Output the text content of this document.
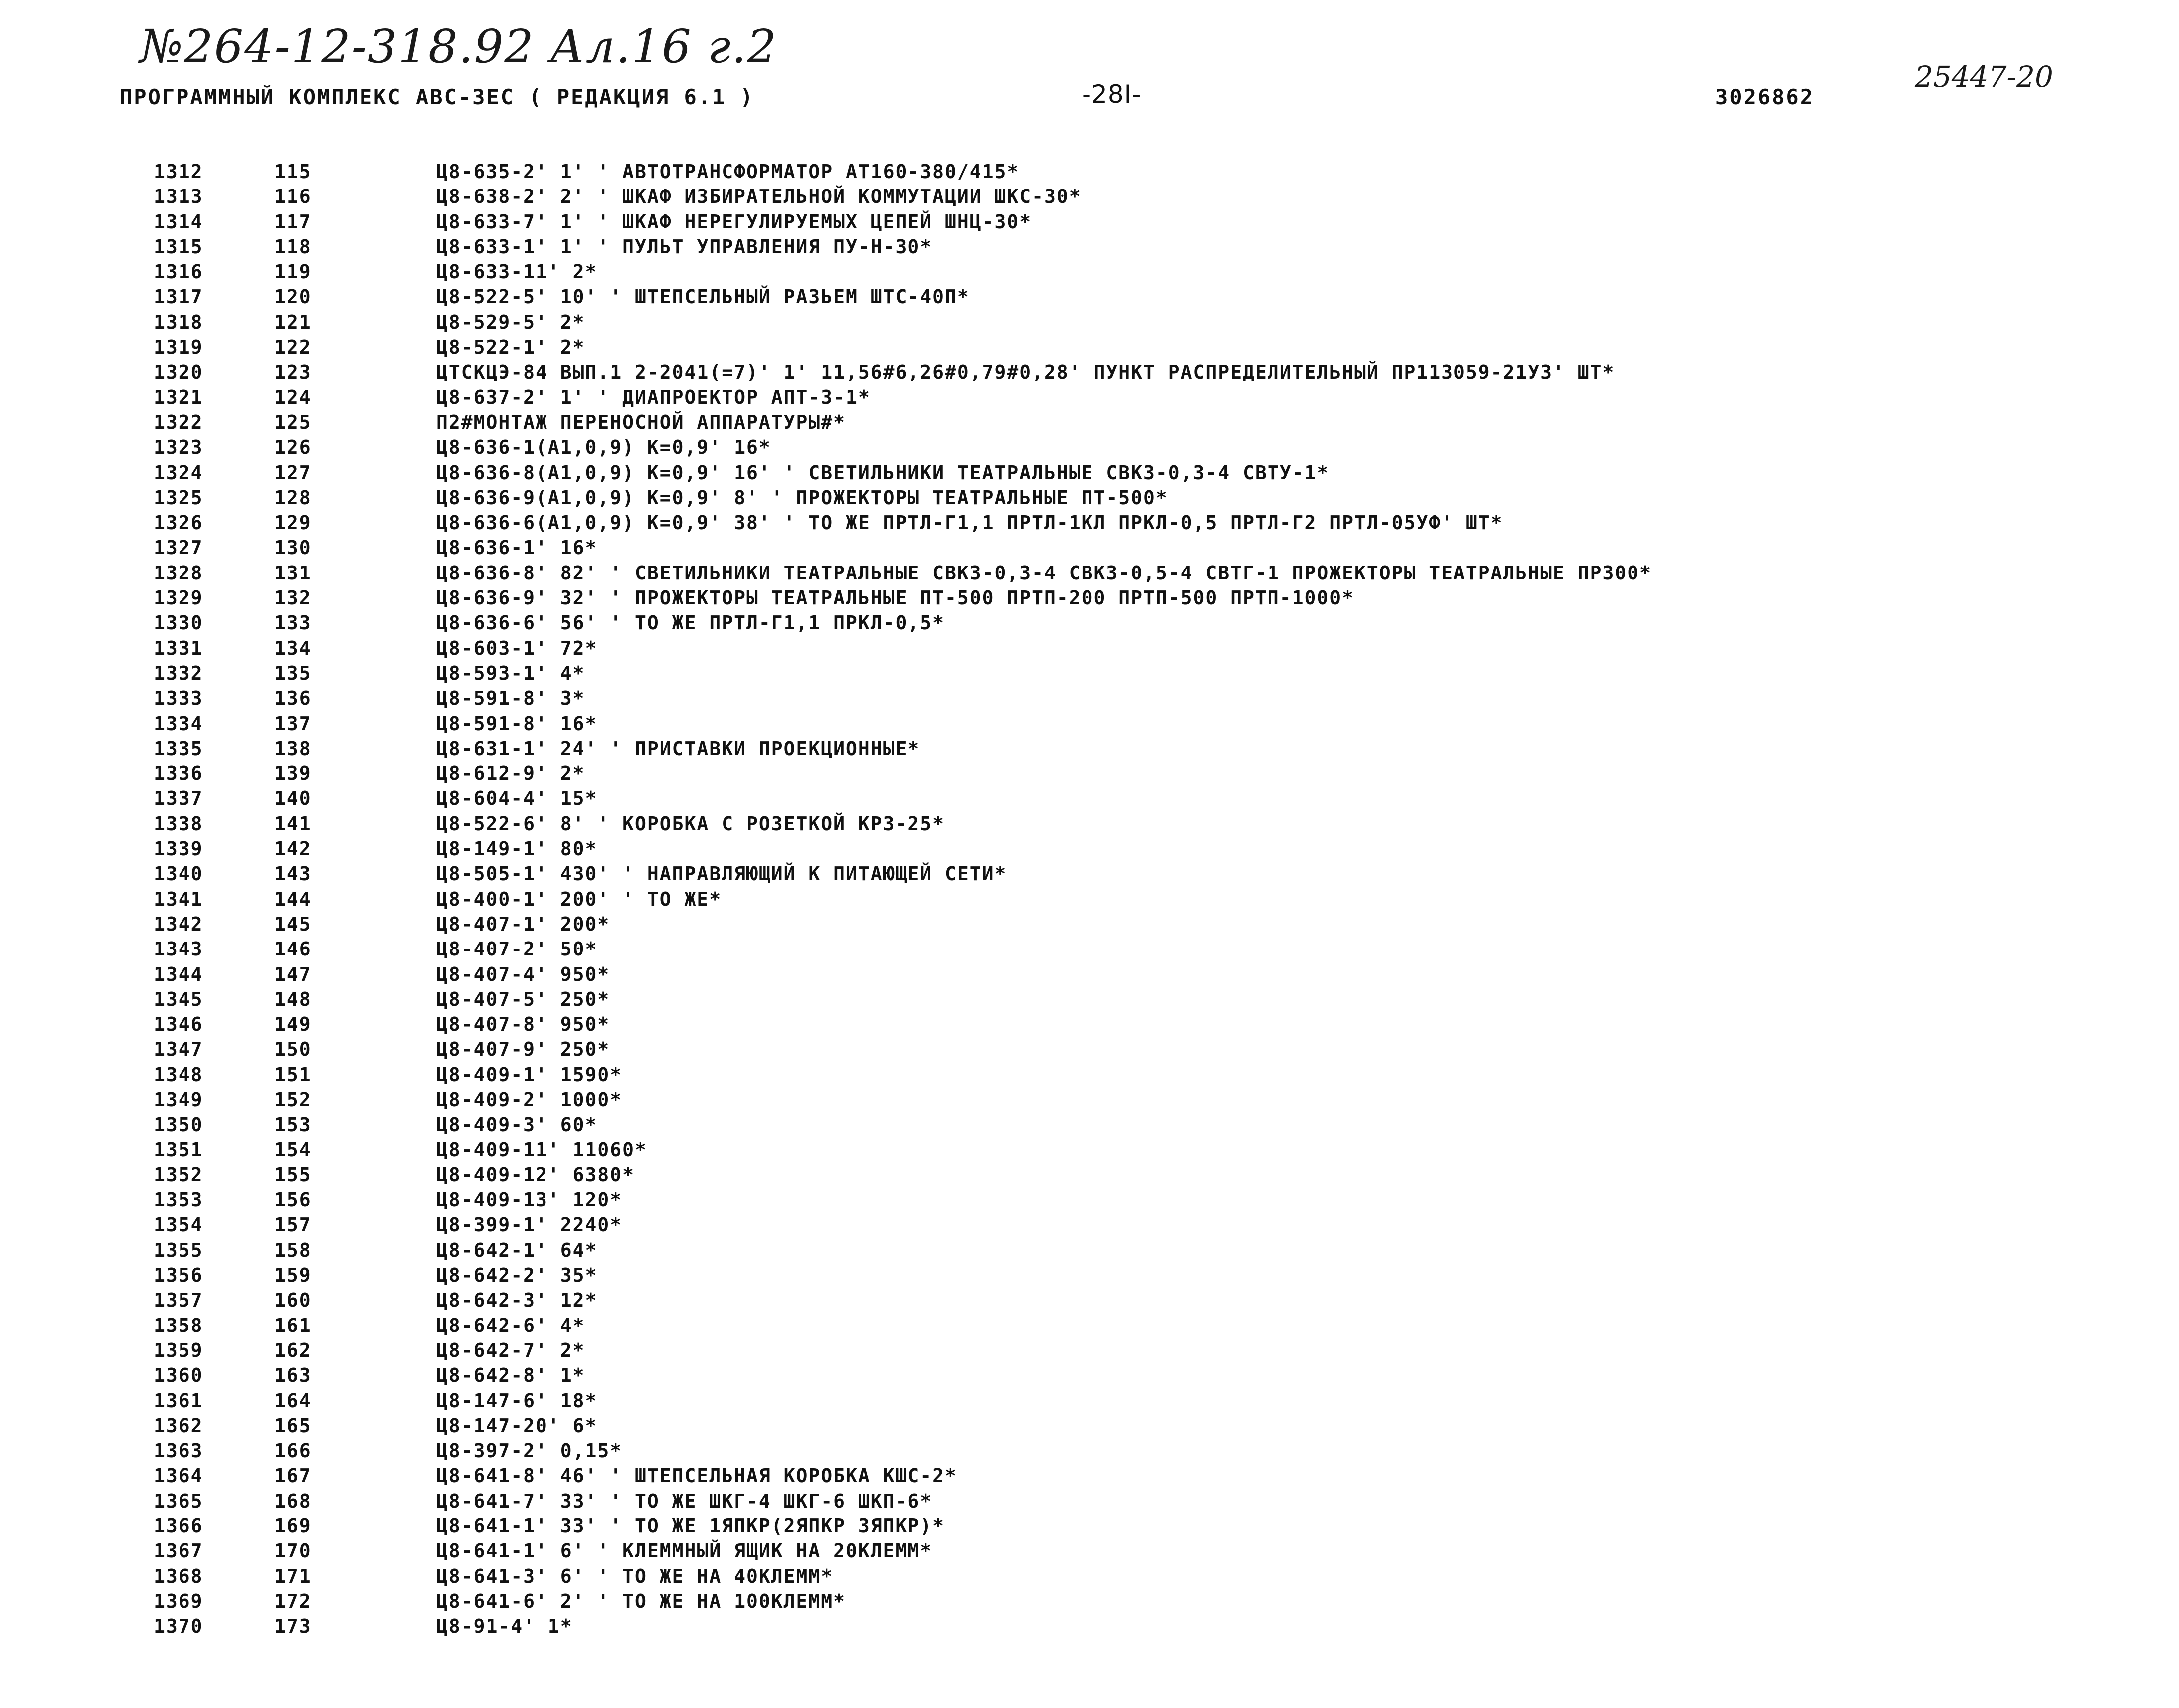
№264-12-318.92 Ал.16 г.2
25447-20
ПРОГРАММНЫЙ КОМПЛЕКС АВС-3ЕС ( РЕДАКЦИЯ 6.1 )	-28I-	3026862
1312	115	Ц8-635-2' 1' ' АВТОТРАНСФОРМАТОР АТ160-380/415*
1313	116	Ц8-638-2' 2' ' ШКАФ ИЗБИРАТЕЛЬНОЙ КОММУТАЦИИ ШКС-30*
1314	117	Ц8-633-7' 1' ' ШКАФ НЕРЕГУЛИРУЕМЫХ ЦЕПЕЙ ШНЦ-30*
1315	118	Ц8-633-1' 1' ' ПУЛЬТ УПРАВЛЕНИЯ ПУ-Н-30*
1316	119	Ц8-633-11' 2*
1317	120	Ц8-522-5' 10' ' ШТЕПСЕЛЬНЫЙ РАЗЬЕМ ШТС-40П*
1318	121	Ц8-529-5' 2*
1319	122	Ц8-522-1' 2*
1320	123	ЦТСКЦЭ-84 ВЫП.1 2-2041(=7)' 1' 11,56#6,26#0,79#0,28' ПУНКТ РАСПРЕДЕЛИТЕЛЬНЫЙ ПР113059-21У3' ШТ*
1321	124	Ц8-637-2' 1' ' ДИАПРОЕКТОР АПТ-3-1*
1322	125	П2#МОНТАЖ ПЕРЕНОСНОЙ АППАРАТУРЫ#*
1323	126	Ц8-636-1(А1,0,9) К=0,9' 16*
1324	127	Ц8-636-8(А1,0,9) К=0,9' 16' ' СВЕТИЛЬНИКИ ТЕАТРАЛЬНЫЕ СВКЗ-0,3-4 СВТУ-1*
1325	128	Ц8-636-9(А1,0,9) К=0,9' 8' ' ПРОЖЕКТОРЫ ТЕАТРАЛЬНЫЕ ПТ-500*
1326	129	Ц8-636-6(А1,0,9) К=0,9' 38' ' ТО ЖЕ ПРТЛ-Г1,1 ПРТЛ-1КЛ ПРКЛ-0,5 ПРТЛ-Г2 ПРТЛ-05УФ' ШТ*
1327	130	Ц8-636-1' 16*
1328	131	Ц8-636-8' 82' ' СВЕТИЛЬНИКИ ТЕАТРАЛЬНЫЕ СВКЗ-0,3-4 СВКЗ-0,5-4 СВТГ-1 ПРОЖЕКТОРЫ ТЕАТРАЛЬНЫЕ ПР300*
1329	132	Ц8-636-9' 32' ' ПРОЖЕКТОРЫ ТЕАТРАЛЬНЫЕ ПТ-500 ПРТП-200 ПРТП-500 ПРТП-1000*
1330	133	Ц8-636-6' 56' ' ТО ЖЕ ПРТЛ-Г1,1 ПРКЛ-0,5*
1331	134	Ц8-603-1' 72*
1332	135	Ц8-593-1' 4*
1333	136	Ц8-591-8' 3*
1334	137	Ц8-591-8' 16*
1335	138	Ц8-631-1' 24' ' ПРИСТАВКИ ПРОЕКЦИОННЫЕ*
1336	139	Ц8-612-9' 2*
1337	140	Ц8-604-4' 15*
1338	141	Ц8-522-6' 8' ' КОРОБКА С РОЗЕТКОЙ КРЗ-25*
1339	142	Ц8-149-1' 80*
1340	143	Ц8-505-1' 430' ' НАПРАВЛЯЮЩИЙ К ПИТАЮЩЕЙ СЕТИ*
1341	144	Ц8-400-1' 200' ' ТО ЖЕ*
1342	145	Ц8-407-1' 200*
1343	146	Ц8-407-2' 50*
1344	147	Ц8-407-4' 950*
1345	148	Ц8-407-5' 250*
1346	149	Ц8-407-8' 950*
1347	150	Ц8-407-9' 250*
1348	151	Ц8-409-1' 1590*
1349	152	Ц8-409-2' 1000*
1350	153	Ц8-409-3' 60*
1351	154	Ц8-409-11' 11060*
1352	155	Ц8-409-12' 6380*
1353	156	Ц8-409-13' 120*
1354	157	Ц8-399-1' 2240*
1355	158	Ц8-642-1' 64*
1356	159	Ц8-642-2' 35*
1357	160	Ц8-642-3' 12*
1358	161	Ц8-642-6' 4*
1359	162	Ц8-642-7' 2*
1360	163	Ц8-642-8' 1*
1361	164	Ц8-147-6' 18*
1362	165	Ц8-147-20' 6*
1363	166	Ц8-397-2' 0,15*
1364	167	Ц8-641-8' 46' ' ШТЕПСЕЛЬНАЯ КОРОБКА КШС-2*
1365	168	Ц8-641-7' 33' ' ТО ЖЕ ШКГ-4 ШКГ-6 ШКП-6*
1366	169	Ц8-641-1' 33' ' ТО ЖЕ 1ЯПКР(2ЯПКР 3ЯПКР)*
1367	170	Ц8-641-1' 6' ' КЛЕММНЫЙ ЯЩИК НА 20КЛЕММ*
1368	171	Ц8-641-3' 6' ' ТО ЖЕ НА 40КЛЕММ*
1369	172	Ц8-641-6' 2' ' ТО ЖЕ НА 100КЛЕММ*
1370	173	Ц8-91-4' 1*
